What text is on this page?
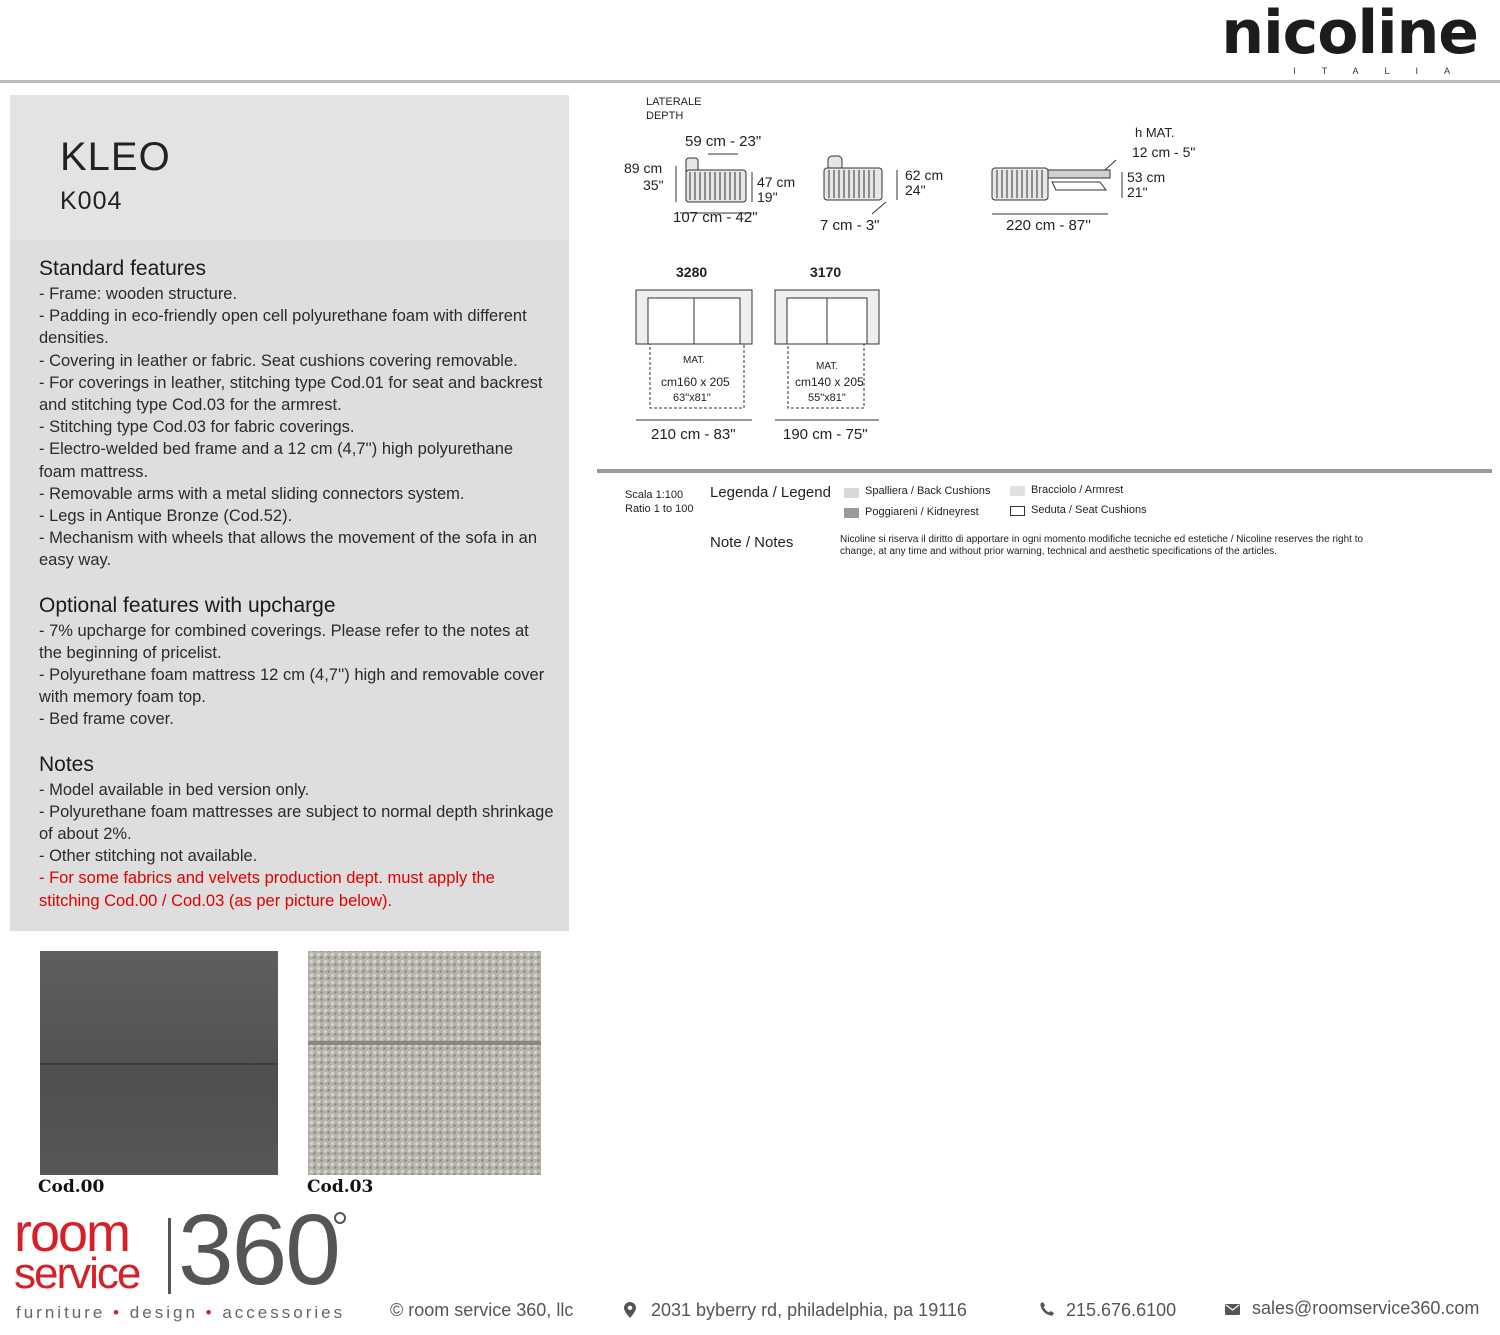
nicoline
ITALIA
KLEO
K004
Standard features

- Frame: wooden structure.

- Padding in eco-friendly open cell polyurethane foam with different densities.

- Covering in leather or fabric. Seat cushions covering removable.

- For coverings in leather, stitching type Cod.01 for seat and backrest and stitching type Cod.03 for the armrest.

- Stitching type Cod.03 for fabric coverings.

- Electro-welded bed frame and a 12 cm (4,7'') high polyurethane foam mattress.

- Removable arms with a metal sliding connectors system.

- Legs in Antique Bronze (Cod.52).

- Mechanism with wheels that allows the movement of the sofa in an easy way.

Optional features with upcharge

- 7% upcharge for combined coverings. Please refer to the notes at the beginning of pricelist.

- Polyurethane foam mattress 12 cm (4,7'') high and removable cover with memory foam top.

- Bed frame cover.

Notes

- Model available in bed version only.

- Polyurethane foam mattresses are subject to normal depth shrinkage of about 2%.

- Other stitching not available.

- For some fabrics and velvets production dept. must apply the stitching Cod.00 / Cod.03 (as per picture below).

Cod.00	Cod.03
LATERALE
DEPTH
59 cm - 23"
89 cm
35"	47 cm
19"
107 cm - 42"
62 cm
24"
7 cm - 3"
h MAT.
12 cm - 5"
53 cm
21"
220 cm - 87''
3280
MAT.
cm160 x 205
63"x81"
210 cm - 83"
3170
MAT.
cm140 x 205
55"x81"
190 cm - 75"
Scala 1:100
Ratio 1 to 100
Legenda / Legend	Spalliera / Back Cushions	Bracciolo / Armrest
Poggiareni / Kidneyrest	Seduta / Seat Cushions
Note / Notes	Nicoline si riserva il diritto di apportare in ogni momento modifiche tecniche ed estetiche / Nicoline reserves the right to change, at any time and without prior warning, technical and aesthetic specifications of the articles.
room
service 360
furniture • design • accessories © room service 360, llc	2031 byberry rd, philadelphia, pa 19116	215.676.6100	sales@roomservice360.com
